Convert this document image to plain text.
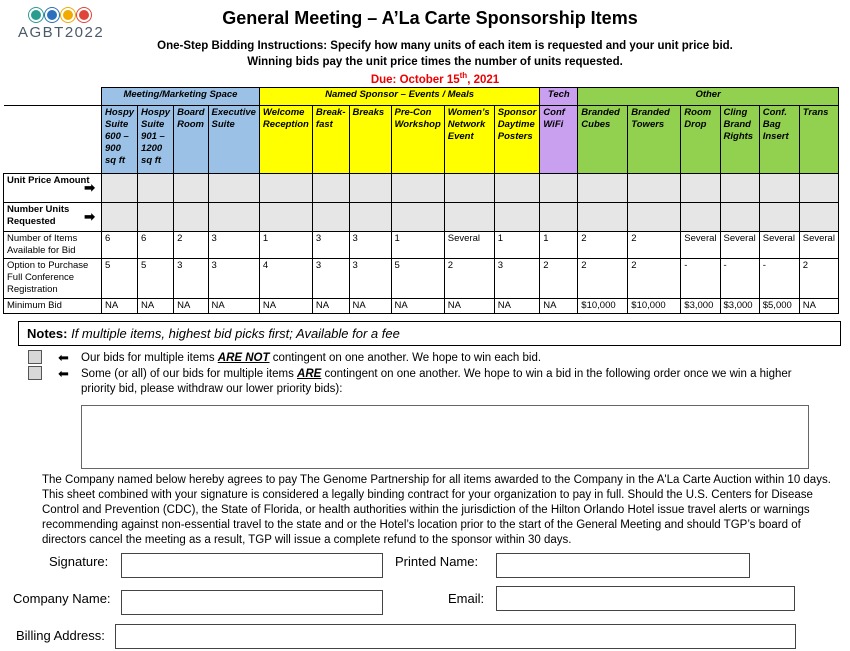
AGBT2022
General Meeting – A’La Carte Sponsorship Items
One-Step Bidding Instructions: Specify how many units of each item is requested and your unit price bid.
Winning bids pay the unit price times the number of units requested.
Due: October 15th, 2021
	Meeting/Marketing Space				Named Sponsor – Events / Meals						Tech	Other					
	Hospy Suite 600 – 900 sq ft	Hospy Suite 901 – 1200 sq ft	Board Room	Executive Suite	Welcome Reception	Break- fast	Breaks	Pre-Con Workshop	Women’s Network Event	Sponsor Daytime Posters	Conf WiFi	Branded Cubes	Branded Towers	Room Drop	Cling Brand Rights	Conf. Bag Insert	Trans
Unit Price Amount
➡																	

Number Units Requested ➡																	

Number of Items Available for Bid	6	6	2	3	1	3	3	1	Several	1	1	2	2	Several	Several	Several	Several
Option to Purchase Full Conference Registration	5	5	3	3	4	3	3	5	2	3	2	2	2	-	-	-	2
Minimum Bid	NA	NA	NA	NA	NA	NA	NA	NA	NA	NA	NA	$10,000	$10,000	$3,000	$3,000	$5,000	NA
Notes: If multiple items, highest bid picks first; Available for a fee
⬅ Our bids for multiple items ARE NOT contingent on one another. We hope to win each bid.
⬅ Some (or all) of our bids for multiple items ARE contingent on one another. We hope to win a bid in the following order once we win a higher priority bid, please withdraw our lower priority bids):
The Company named below hereby agrees to pay The Genome Partnership for all items awarded to the Company in the A'La Carte Auction within 10 days. This sheet combined with your signature is considered a legally binding contract for your organization to pay in full. Should the U.S. Centers for Disease Control and Prevention (CDC), the State of Florida, or health authorities within the jurisdiction of the Hilton Orlando Hotel issue travel alerts or warnings recommending against non-essential travel to the state and or the Hotel’s location prior to the start of the General Meeting and should TGP’s board of directors cancel the meeting as a result, TGP will issue a complete refund to the sponsor within 30 days.
Signature:	Printed Name:
Company Name:	Email:
Billing Address:
